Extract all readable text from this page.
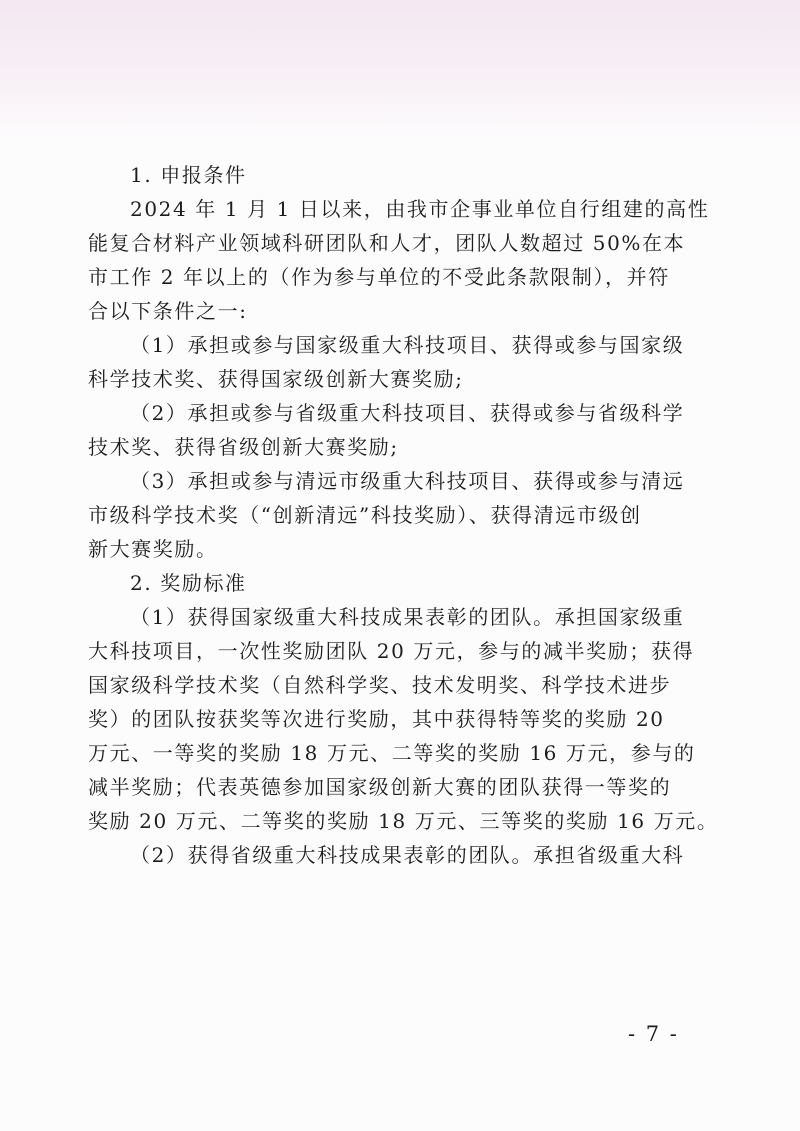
1. 申报条件
2024 年 1 月 1 日以来，由我市企事业单位自行组建的高性
能复合材料产业领域科研团队和人才，团队人数超过 50%在本
市工作 2 年以上的（作为参与单位的不受此条款限制），并符
合以下条件之一:
（1）承担或参与国家级重大科技项目、获得或参与国家级
科学技术奖、获得国家级创新大赛奖励;
（2）承担或参与省级重大科技项目、获得或参与省级科学
技术奖、获得省级创新大赛奖励;
（3）承担或参与清远市级重大科技项目、获得或参与清远
市级科学技术奖（“创新清远”科技奖励）、获得清远市级创
新大赛奖励。
2. 奖励标准
（1）获得国家级重大科技成果表彰的团队。承担国家级重
大科技项目，一次性奖励团队 20 万元，参与的减半奖励；获得
国家级科学技术奖（自然科学奖、技术发明奖、科学技术进步
奖）的团队按获奖等次进行奖励，其中获得特等奖的奖励 20
万元、一等奖的奖励 18 万元、二等奖的奖励 16 万元，参与的
减半奖励；代表英德参加国家级创新大赛的团队获得一等奖的
奖励 20 万元、二等奖的奖励 18 万元、三等奖的奖励 16 万元。
（2）获得省级重大科技成果表彰的团队。承担省级重大科
- 7 -
